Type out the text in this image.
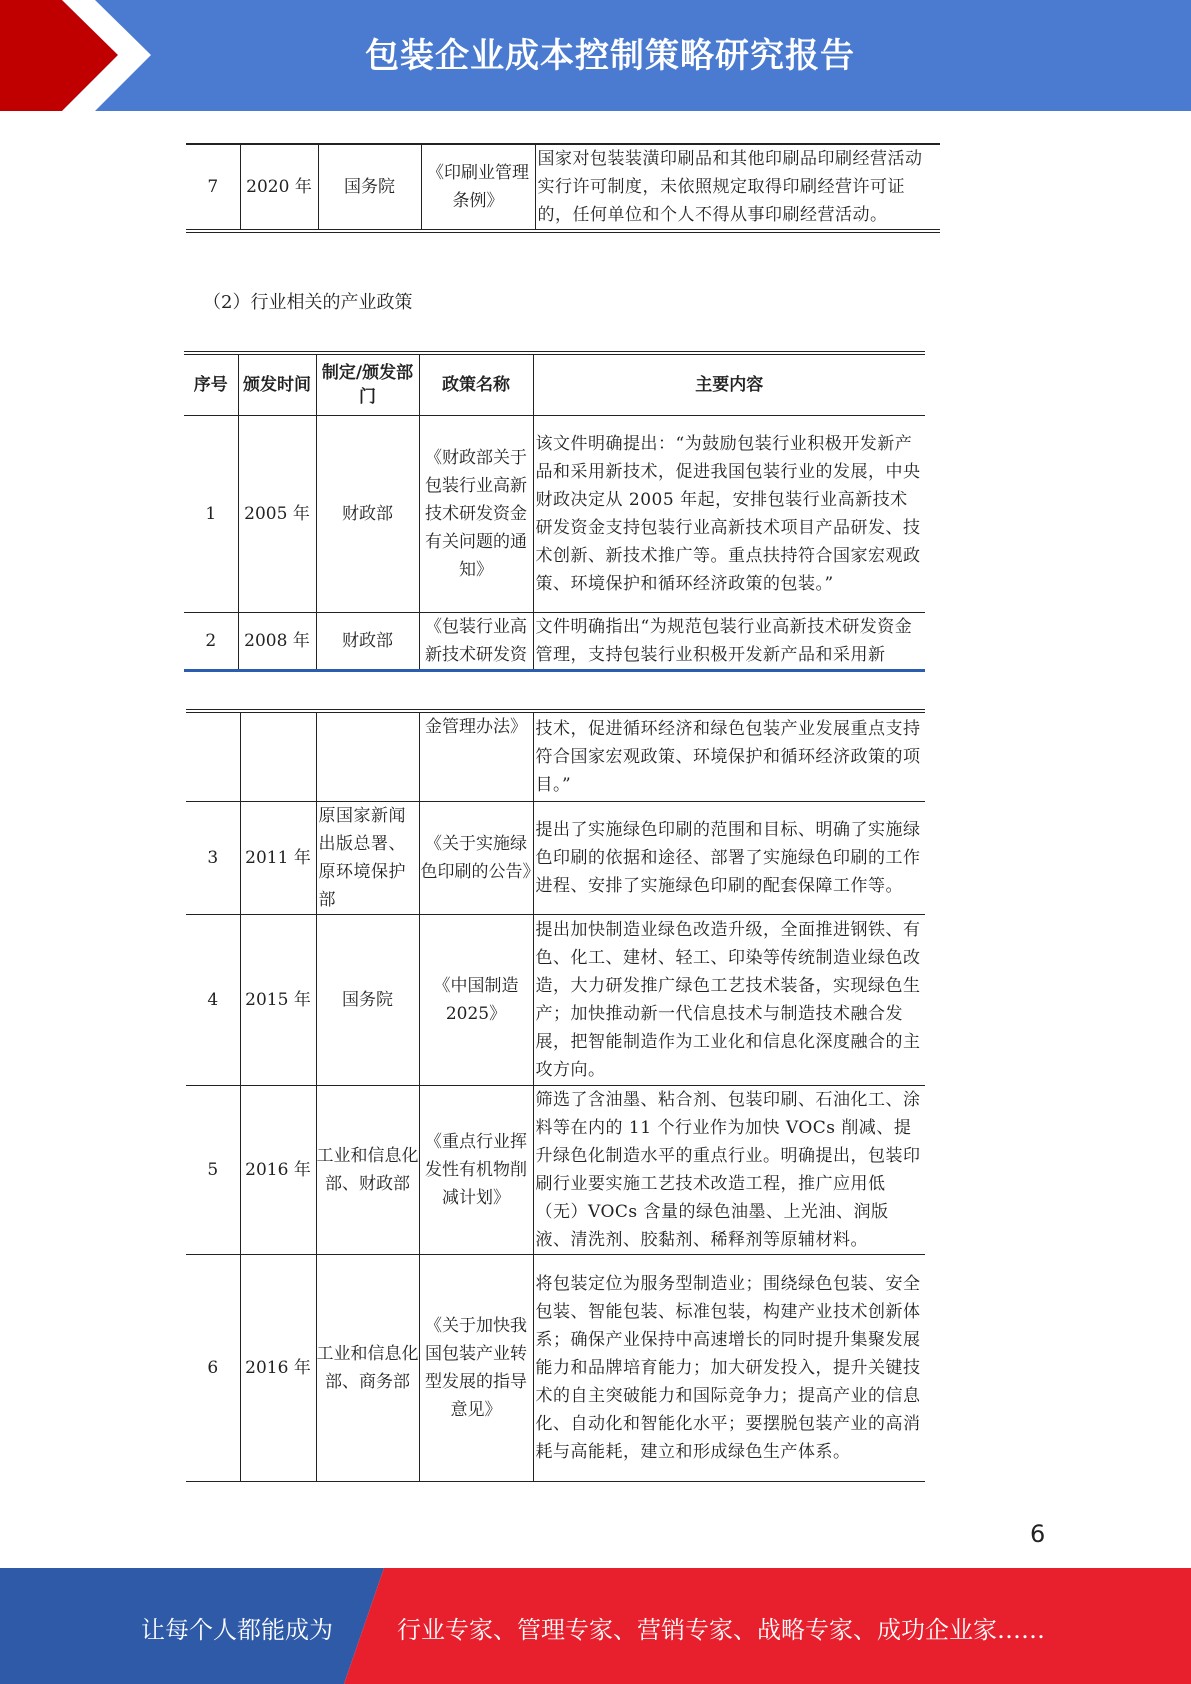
包装企业成本控制策略研究报告
7	2020 年	国务院	《印刷业管理条例》	国家对包装装潢印刷品和其他印刷品印刷经营活动实行许可制度，未依照规定取得印刷经营许可证的，任何单位和个人不得从事印刷经营活动。
（2）行业相关的产业政策
序号	颁发时间	制定/颁发部门	政策名称	主要内容
1	2005 年	财政部	《财政部关于包装行业高新技术研发资金有关问题的通知》	该文件明确提出：“为鼓励包装行业积极开发新产品和采用新技术，促进我国包装行业的发展，中央财政决定从 2005 年起，安排包装行业高新技术研发资金支持包装行业高新技术项目产品研发、技术创新、新技术推广等。重点扶持符合国家宏观政策、环境保护和循环经济政策的包装。”
2	2008 年	财政部	《包装行业高新技术研发资	文件明确指出“为规范包装行业高新技术研发资金管理，支持包装行业积极开发新产品和采用新
			金管理办法》	技术，促进循环经济和绿色包装产业发展重点支持符合国家宏观政策、环境保护和循环经济政策的项目。”
3	2011 年	原国家新闻出版总署、原环境保护部	《关于实施绿色印刷的公告》	提出了实施绿色印刷的范围和目标、明确了实施绿色印刷的依据和途径、部署了实施绿色印刷的工作进程、安排了实施绿色印刷的配套保障工作等。
4	2015 年	国务院	《中国制造 2025》	提出加快制造业绿色改造升级，全面推进钢铁、有色、化工、建材、轻工、印染等传统制造业绿色改造，大力研发推广绿色工艺技术装备，实现绿色生产；加快推动新一代信息技术与制造技术融合发展，把智能制造作为工业化和信息化深度融合的主攻方向。
5	2016 年	工业和信息化部、财政部	《重点行业挥发性有机物削减计划》	筛选了含油墨、粘合剂、包装印刷、石油化工、涂料等在内的 11 个行业作为加快 VOCs 削减、提升绿色化制造水平的重点行业。明确提出，包装印刷行业要实施工艺技术改造工程，推广应用低（无）VOCs 含量的绿色油墨、上光油、润版液、清洗剂、胶黏剂、稀释剂等原辅材料。
6	2016 年	工业和信息化部、商务部	《关于加快我国包装产业转型发展的指导意见》	将包装定位为服务型制造业；围绕绿色包装、安全包装、智能包装、标准包装，构建产业技术创新体系；确保产业保持中高速增长的同时提升集聚发展能力和品牌培育能力；加大研发投入，提升关键技术的自主突破能力和国际竞争力；提高产业的信息化、自动化和智能化水平；要摆脱包装产业的高消耗与高能耗，建立和形成绿色生产体系。
6
让每个人都能成为	行业专家、管理专家、营销专家、战略专家、成功企业家……
